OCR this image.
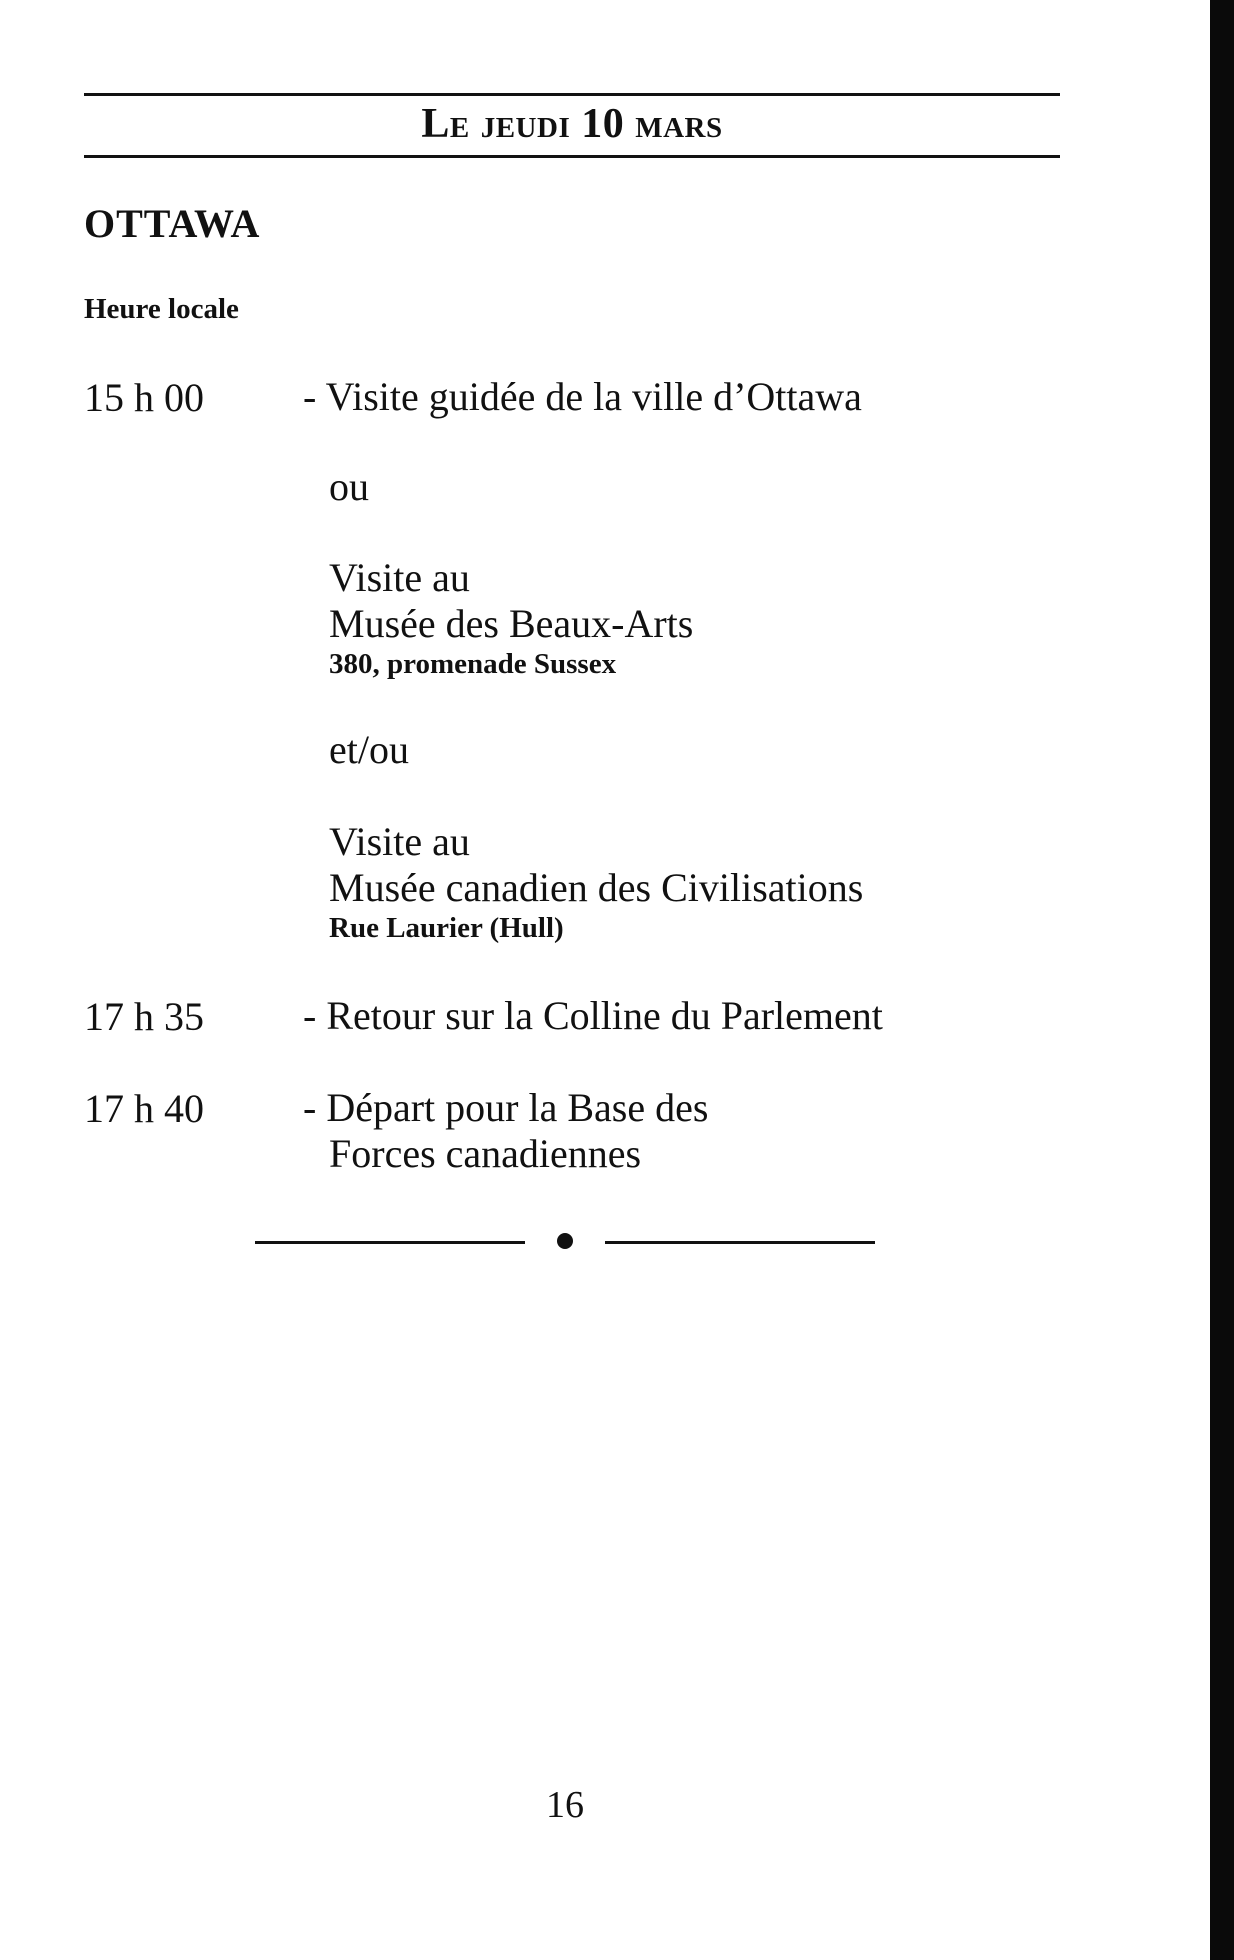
Le jeudi 10 mars
OTTAWA
Heure locale
15 h 00 - Visite guidée de la ville d’Ottawa
ou
Visite au
Musée des Beaux-Arts
380, promenade Sussex
et/ou
Visite au
Musée canadien des Civilisations
Rue Laurier (Hull)
17 h 35 - Retour sur la Colline du Parlement
17 h 40 - Départ pour la Base des
Forces canadiennes
16
